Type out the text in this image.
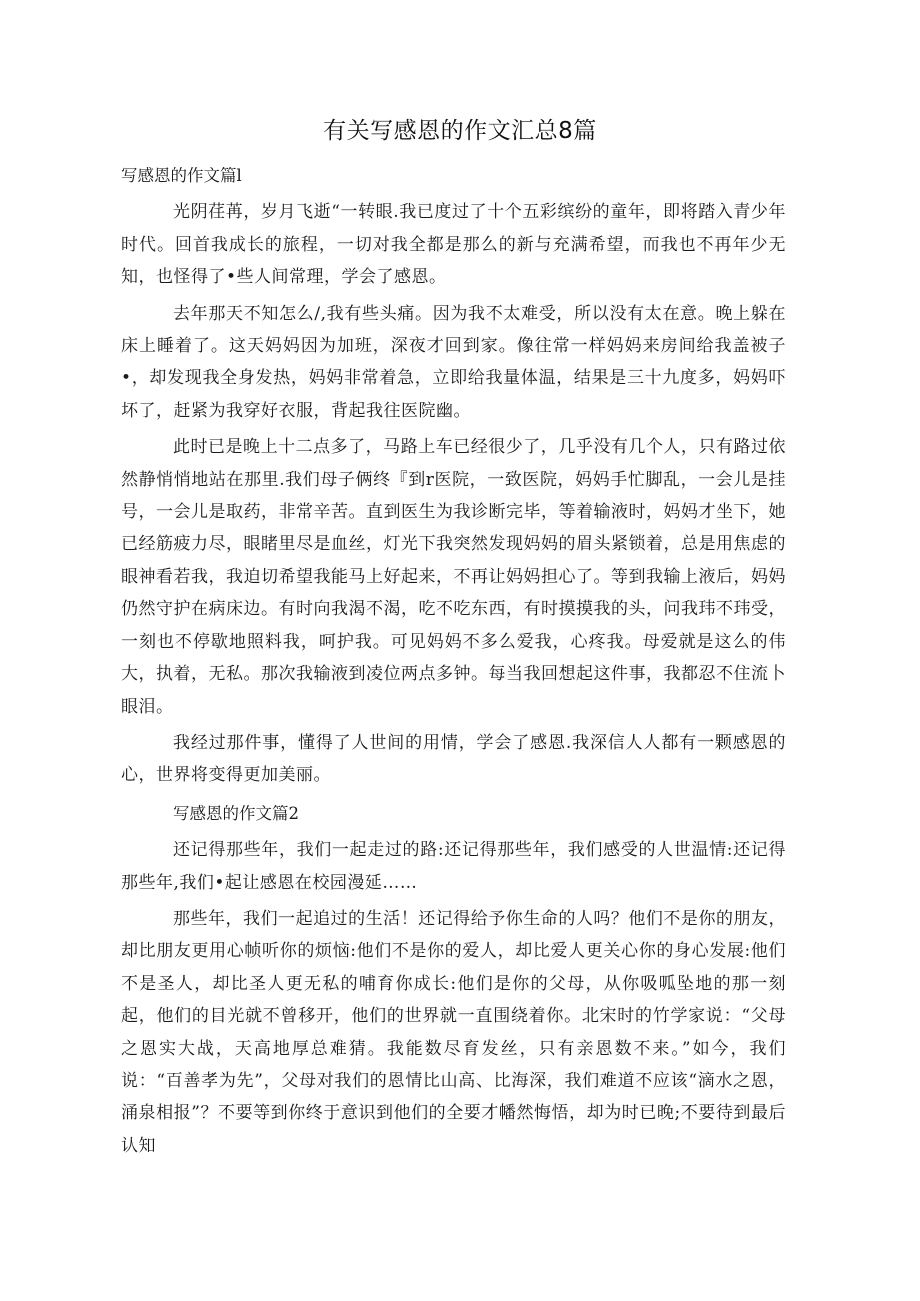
有关写感恩的作文汇总8篇
写感恩的作文篇l

光阴荏苒，岁月飞逝“一转眼.我已度过了十个五彩缤纷的童年，即将踏入青少年时代。回首我成长的旅程，一切对我全都是那么的新与充满希望，而我也不再年少无知，也怪得了•些人间常理，学会了感恩。

去年那天不知怎么/,我有些头痛。因为我不太难受，所以没有太在意。晚上躲在床上睡着了。这天妈妈因为加班，深夜才回到家。像往常一样妈妈来房间给我盖被子•，却发现我全身发热，妈妈非常着急，立即给我量体温，结果是三十九度多，妈妈吓坏了，赶紧为我穿好衣服，背起我往医院幽。

此时已是晚上十二点多了，马路上车已经很少了，几乎没有几个人，只有路过依然静悄悄地站在那里.我们母子俩终『到r医院，一致医院，妈妈手忙脚乱，一会儿是挂号，一会儿是取药，非常辛苦。直到医生为我诊断完毕，等着输液时，妈妈才坐下，她已经筋疲力尽，眼睹里尽是血丝，灯光下我突然发现妈妈的眉头紧锁着，总是用焦虑的眼神看若我，我迫切希望我能马上好起来，不再让妈妈担心了。等到我输上液后，妈妈仍然守护在病床边。有时向我渴不渴，吃不吃东西，有时摸摸我的头，问我玮不玮受，一刻也不停歇地照料我，呵护我。可见妈妈不多么爱我，心疼我。母爱就是这么的伟大，执着，无私。那次我输液到凌位两点多钟。每当我回想起这件事，我都忍不住流卜眼泪。

我经过那件事，懂得了人世间的用情，学会了感恩.我深信人人都有一颗感恩的心，世界将变得更加美丽。

写感恩的作文篇2

还记得那些年，我们一起走过的路:还记得那些年，我们感受的人世温情:还记得那些年,我们•起让感恩在校园漫延……

那些年，我们一起追过的生活！还记得给予你生命的人吗？他们不是你的朋友，却比朋友更用心帧听你的烦恼:他们不是你的爱人，却比爱人更关心你的身心发展:他们不是圣人，却比圣人更无私的哺育你成长:他们是你的父母，从你吸呱坠地的那一刻起，他们的目光就不曾移开，他们的世界就一直围绕着你。北宋时的竹学家说：“父母之恩实大战，天高地厚总难猜。我能数尽育发丝，只有亲恩数不来。”如今，我们说：“百善孝为先”，父母对我们的恩情比山高、比海深，我们难道不应该“滴水之恩，涌泉相报”？不要等到你终于意识到他们的全要才幡然悔悟，却为时已晚;不要待到最后认知
